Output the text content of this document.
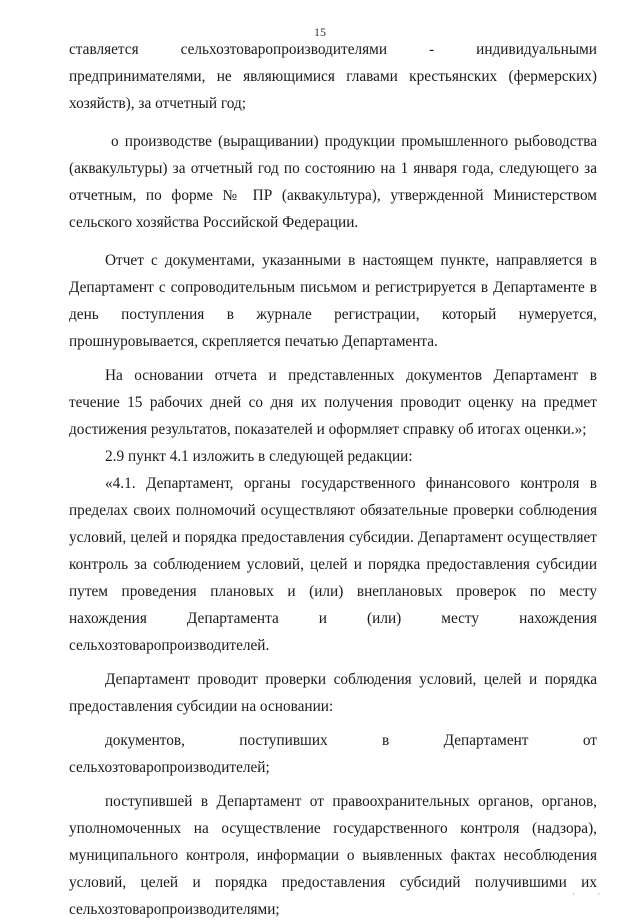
15

ставляется сельхозтоваропроизводителями - индивидуальными предпринимателями, не являющимися главами крестьянских (фермерских) хозяйств), за отчетный год;

о производстве (выращивании) продукции промышленного рыбоводства (аквакультуры) за отчетный год по состоянию на 1 января года, следующего за отчетным, по форме № ПР (аквакультура), утвержденной Министерством сельского хозяйства Российской Федерации.

Отчет с документами, указанными в настоящем пункте, направляется в Департамент с сопроводительным письмом и регистрируется в Департаменте в день поступления в журнале регистрации, который нумеруется, прошнуровывается, скрепляется печатью Департамента.

На основании отчета и представленных документов Департамент в течение 15 рабочих дней со дня их получения проводит оценку на предмет достижения результатов, показателей и оформляет справку об итогах оценки.»;

2.9 пункт 4.1 изложить в следующей редакции:

«4.1. Департамент, органы государственного финансового контроля в пределах своих полномочий осуществляют обязательные проверки соблюдения условий, целей и порядка предоставления субсидии. Департамент осуществляет контроль за соблюдением условий, целей и порядка предоставления субсидии путем проведения плановых и (или) внеплановых проверок по месту нахождения Департамента и (или) месту нахождения сельхозтоваропроизводителей.

Департамент проводит проверки соблюдения условий, целей и порядка предоставления субсидии на основании:

документов, поступивших в Департамент от сельхозтоваропроизводителей;

поступившей в Департамент от правоохранительных органов, органов, уполномоченных на осуществление государственного контроля (надзора), муниципального контроля, информации о выявленных фактах несоблюдения условий, целей и порядка предоставления субсидий получившими их сельхозтоваропроизводителями;

· ·
